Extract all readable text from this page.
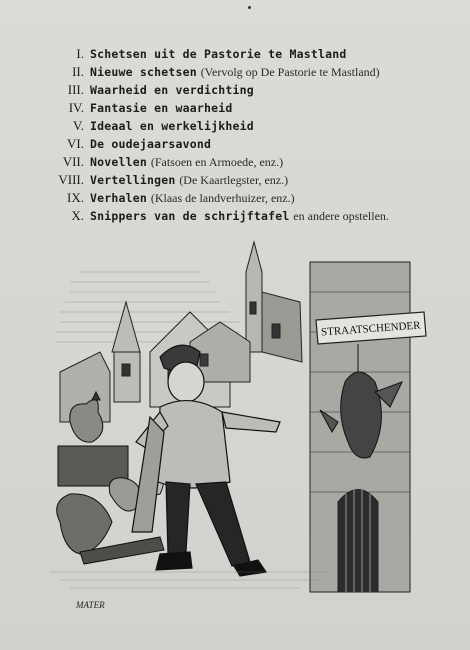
I. Schetsen uit de Pastorie te Mastland
II. Nieuwe schetsen (Vervolg op De Pastorie te Mastland)
III. Waarheid en verdichting
IV. Fantasie en waarheid
V. Ideaal en werkelijkheid
VI. De oudejaarsavond
VII. Novellen (Fatsoen en Armoede, enz.)
VIII. Vertellingen (De Kaartlegster, enz.)
IX. Verhalen (Klaas de landverhuizer, enz.)
X. Snippers van de schrijftafel en andere opstellen.
STRAATSCHENDER
MATER
